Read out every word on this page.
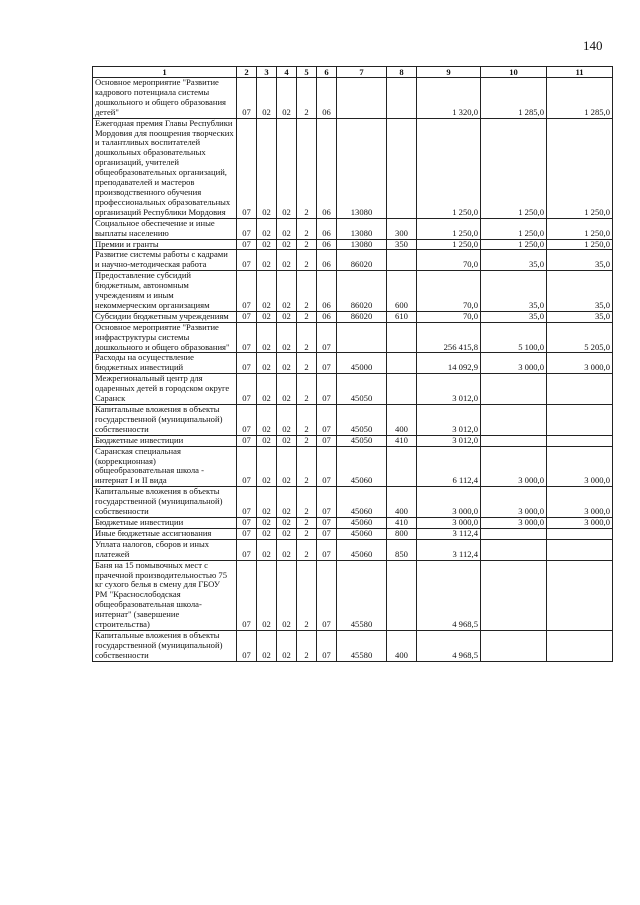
140
1	2	3	4	5	6	7	8	9	10	11
Основное мероприятие "Развитие кадрового потенциала системы дошкольного и общего образования детей"	07	02	02	2	06			1 320,0	1 285,0	1 285,0
Ежегодная премия Главы Республики Мордовия для поощрения творческих и талантливых воспитателей дошкольных образовательных организаций, учителей общеобразовательных организаций, преподавателей и мастеров производственного обучения профессиональных образовательных организаций Республики Мордовия	07	02	02	2	06	13080		1 250,0	1 250,0	1 250,0
Социальное обеспечение и иные выплаты населению	07	02	02	2	06	13080	300	1 250,0	1 250,0	1 250,0
Премии и гранты	07	02	02	2	06	13080	350	1 250,0	1 250,0	1 250,0
Развитие системы работы с кадрами и научно-методическая работа	07	02	02	2	06	86020		70,0	35,0	35,0
Предоставление субсидий бюджетным, автономным учреждениям и иным некоммерческим организациям	07	02	02	2	06	86020	600	70,0	35,0	35,0
Субсидии бюджетным учреждениям	07	02	02	2	06	86020	610	70,0	35,0	35,0
Основное мероприятие "Развитие инфраструктуры системы дошкольного и общего образования"	07	02	02	2	07			256 415,8	5 100,0	5 205,0
Расходы на осуществление бюджетных инвестиций	07	02	02	2	07	45000		14 092,9	3 000,0	3 000,0
Межрегиональный центр для одаренных детей в городском округе Саранск	07	02	02	2	07	45050		3 012,0		
Капитальные вложения в объекты государственной (муниципальной) собственности	07	02	02	2	07	45050	400	3 012,0		
Бюджетные инвестиции	07	02	02	2	07	45050	410	3 012,0		
Саранская специальная (коррекционная) общеобразовательная школа - интернат I и II вида	07	02	02	2	07	45060		6 112,4	3 000,0	3 000,0
Капитальные вложения в объекты государственной (муниципальной) собственности	07	02	02	2	07	45060	400	3 000,0	3 000,0	3 000,0
Бюджетные инвестиции	07	02	02	2	07	45060	410	3 000,0	3 000,0	3 000,0
Иные бюджетные ассигнования	07	02	02	2	07	45060	800	3 112,4		
Уплата налогов, сборов и иных платежей	07	02	02	2	07	45060	850	3 112,4		
Баня на 15 помывочных мест с прачечной производительностью 75 кг сухого белья в смену для ГБОУ РМ "Краснослободская общеобразовательная школа-интернат" (завершение строительства)	07	02	02	2	07	45580		4 968,5		
Капитальные вложения в объекты государственной (муниципальной) собственности	07	02	02	2	07	45580	400	4 968,5		
